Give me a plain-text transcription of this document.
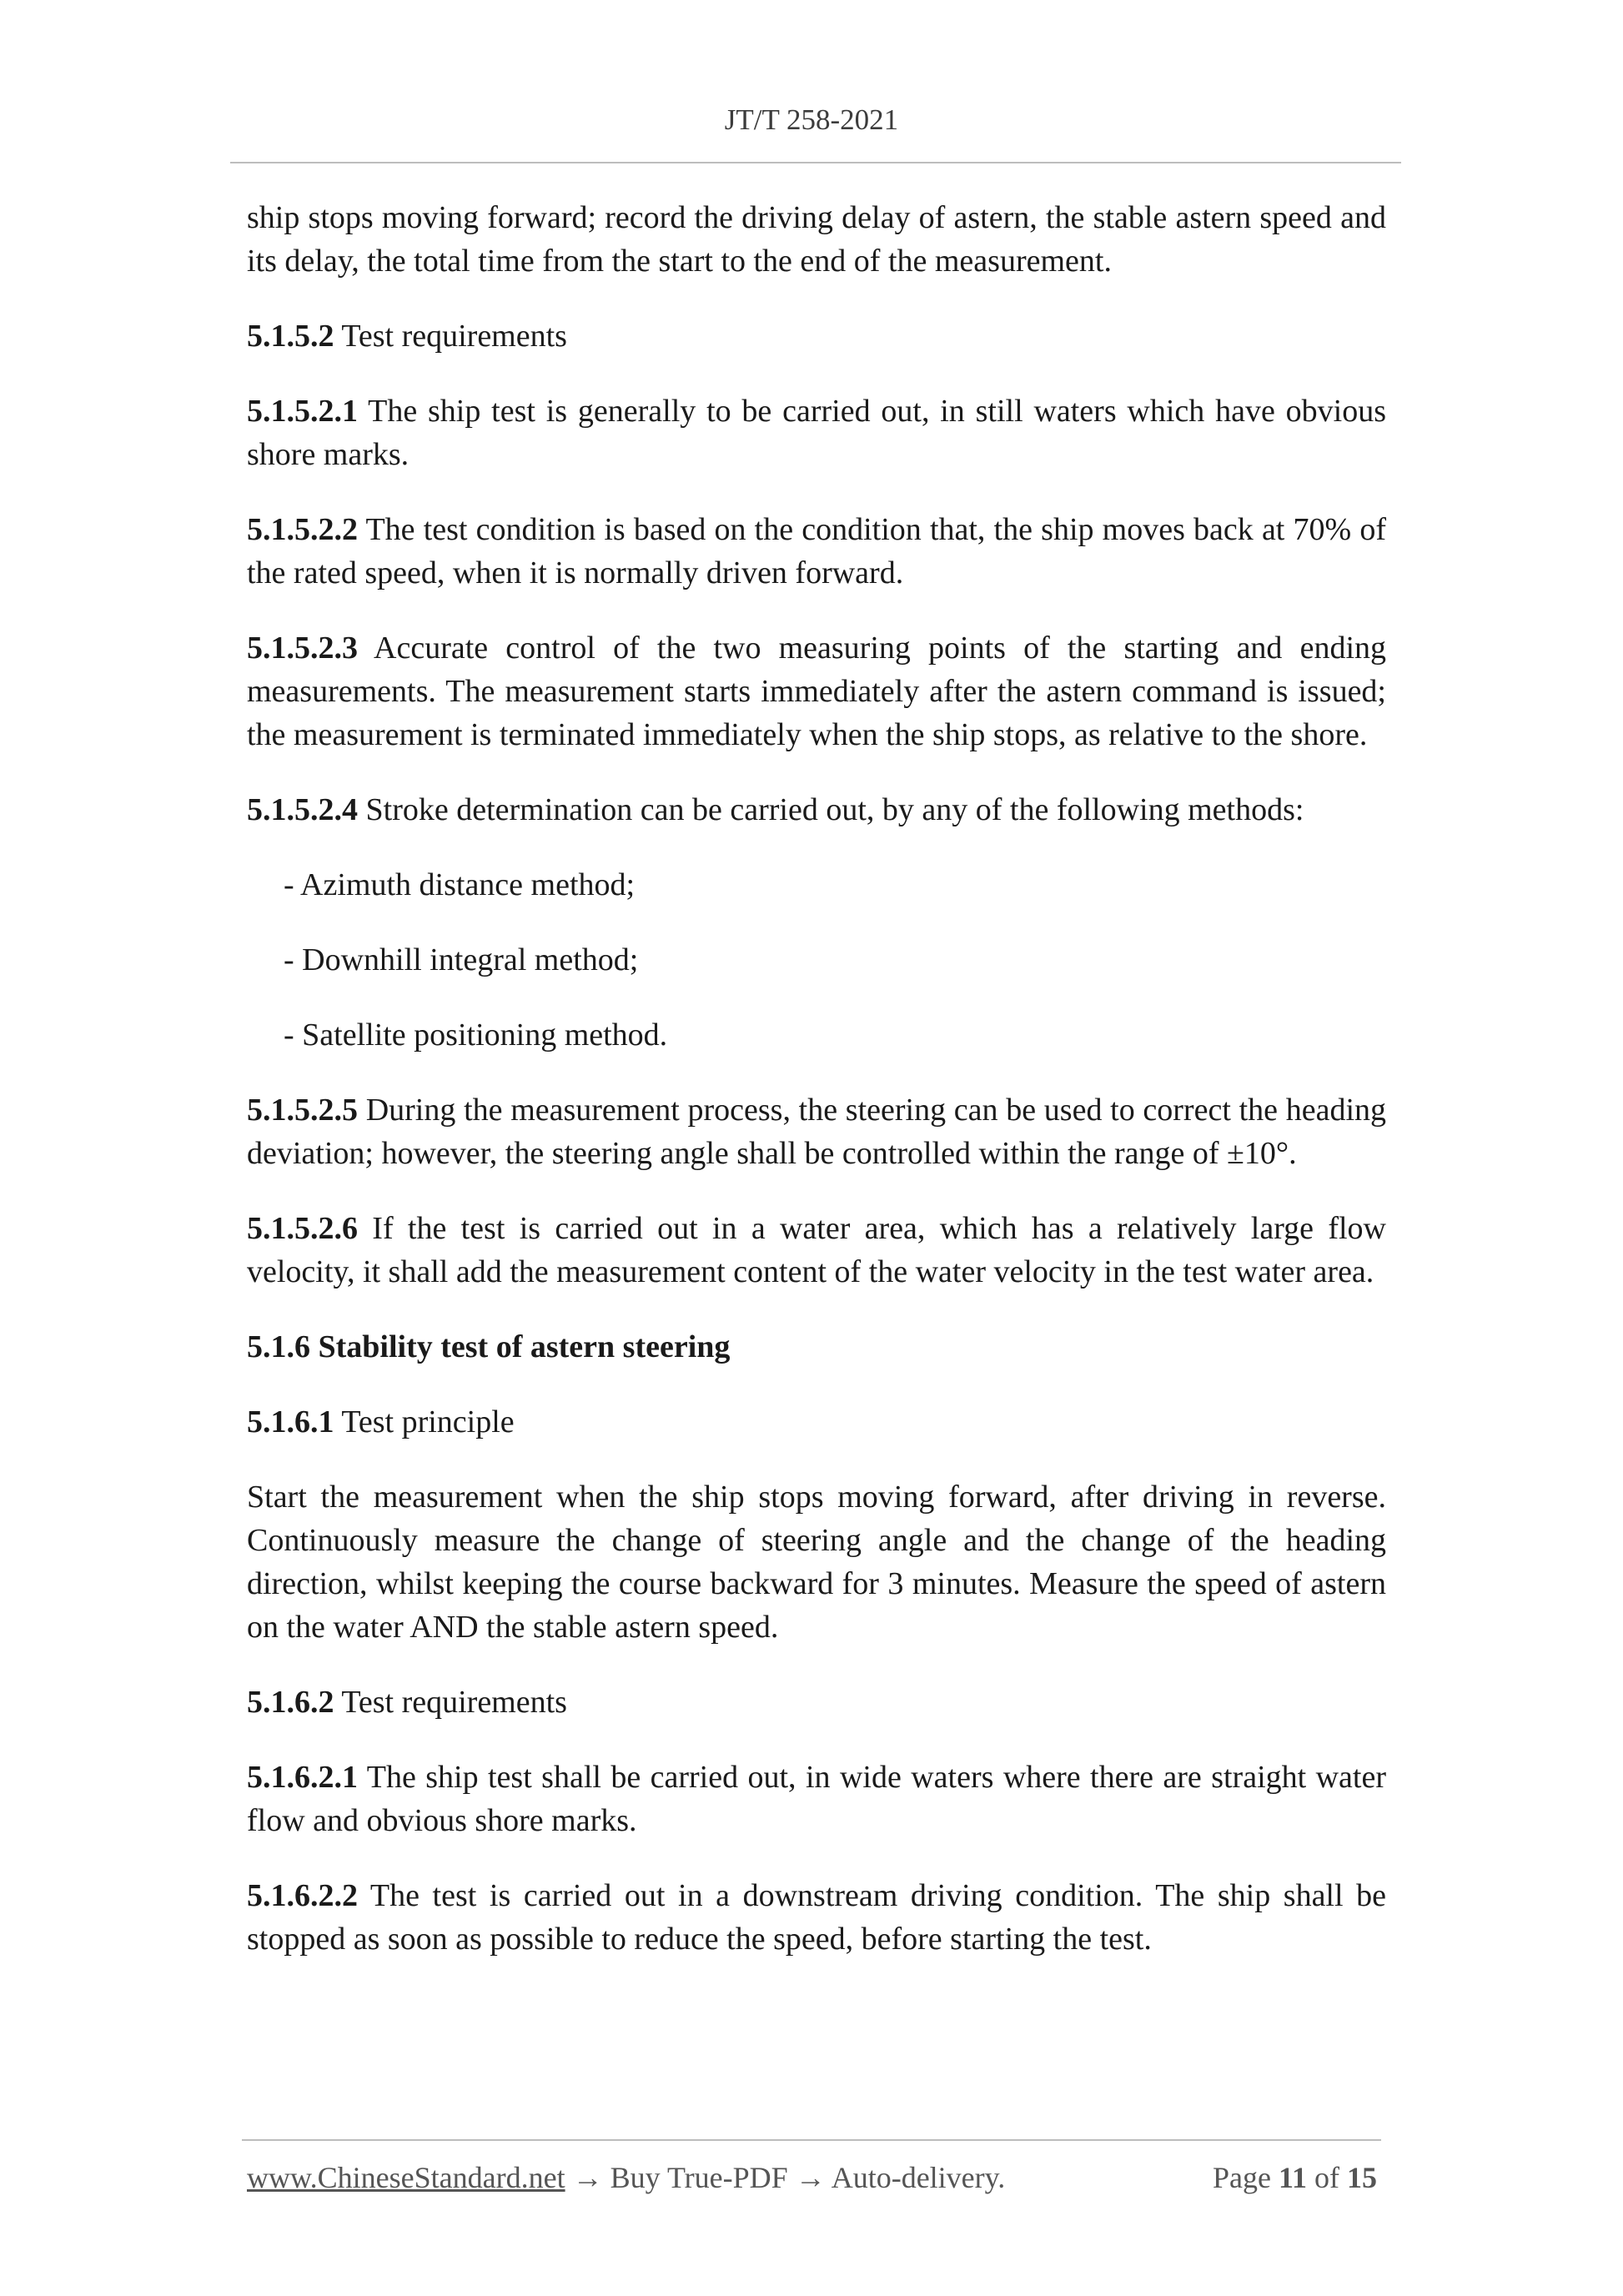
JT/T 258-2021

ship stops moving forward; record the driving delay of astern, the stable astern speed and its delay, the total time from the start to the end of the measurement.

5.1.5.2 Test requirements

5.1.5.2.1 The ship test is generally to be carried out, in still waters which have obvious shore marks.

5.1.5.2.2 The test condition is based on the condition that, the ship moves back at 70% of the rated speed, when it is normally driven forward.

5.1.5.2.3 Accurate control of the two measuring points of the starting and ending measurements. The measurement starts immediately after the astern command is issued; the measurement is terminated immediately when the ship stops, as relative to the shore.

5.1.5.2.4 Stroke determination can be carried out, by any of the following methods:

- Azimuth distance method;

- Downhill integral method;

- Satellite positioning method.

5.1.5.2.5 During the measurement process, the steering can be used to correct the heading deviation; however, the steering angle shall be controlled within the range of ±10°.

5.1.5.2.6 If the test is carried out in a water area, which has a relatively large flow velocity, it shall add the measurement content of the water velocity in the test water area.

5.1.6 Stability test of astern steering

5.1.6.1 Test principle

Start the measurement when the ship stops moving forward, after driving in reverse. Continuously measure the change of steering angle and the change of the heading direction, whilst keeping the course backward for 3 minutes. Measure the speed of astern on the water AND the stable astern speed.

5.1.6.2 Test requirements

5.1.6.2.1 The ship test shall be carried out, in wide waters where there are straight water flow and obvious shore marks.

5.1.6.2.2 The test is carried out in a downstream driving condition. The ship shall be stopped as soon as possible to reduce the speed, before starting the test.

www.ChineseStandard.net → Buy True-PDF → Auto-delivery.	Page 11 of 15
